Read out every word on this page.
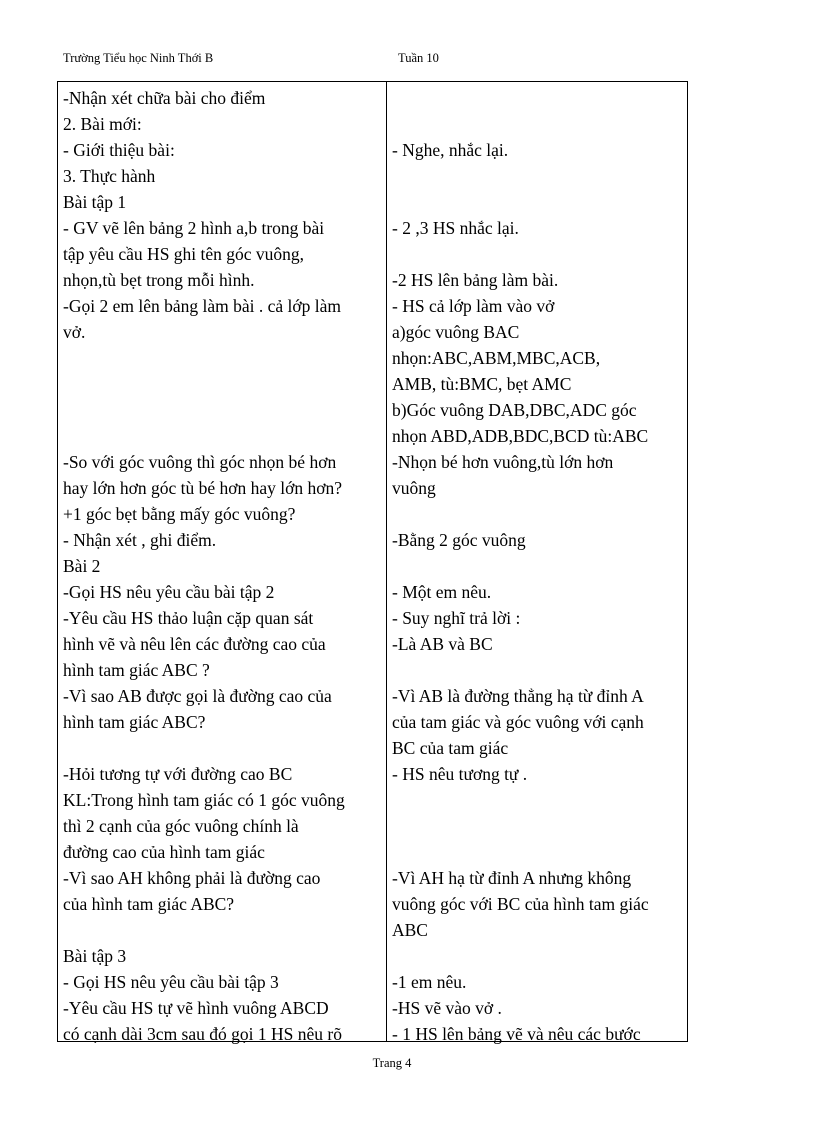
Trường Tiểu học Ninh Thới B	Tuần 10
-Nhận xét chữa bài cho điểm
2. Bài mới:
- Giới thiệu bài:
3. Thực hành
Bài tập 1
- GV vẽ lên bảng 2 hình a,b trong bài
tập yêu cầu HS ghi tên góc vuông,
nhọn,tù bẹt trong mỗi hình.
-Gọi 2 em lên bảng làm bài . cả lớp làm
vở.
-So với góc vuông thì góc nhọn bé hơn
hay lớn hơn góc tù bé hơn hay lớn hơn?
+1 góc bẹt bằng mấy góc vuông?
- Nhận xét , ghi điểm.
Bài 2
-Gọi HS nêu yêu cầu bài tập 2
-Yêu cầu HS thảo luận cặp quan sát
hình vẽ và nêu lên các đường cao của
hình tam giác ABC ?
-Vì sao AB được gọi là đường cao của
hình tam giác ABC?
-Hỏi tương tự với đường cao BC
KL:Trong hình tam giác có 1 góc vuông
thì 2 cạnh của góc vuông chính là
đường cao của hình tam giác
-Vì sao AH không phải là đường cao
của hình tam giác ABC?
Bài tập 3
- Gọi HS nêu yêu cầu bài tập 3
-Yêu cầu HS tự vẽ hình vuông ABCD
có cạnh dài 3cm sau đó gọi 1 HS nêu rõ
- Nghe, nhắc lại.
- 2 ,3 HS nhắc lại.
-2 HS lên bảng làm bài.
- HS cả lớp làm vào vở
a)góc vuông BAC
nhọn:ABC,ABM,MBC,ACB,
AMB, tù:BMC, bẹt AMC
b)Góc vuông DAB,DBC,ADC góc
nhọn ABD,ADB,BDC,BCD tù:ABC
-Nhọn bé hơn vuông,tù lớn hơn
vuông
-Bằng 2 góc vuông
- Một em nêu.
- Suy nghĩ trả lời :
-Là AB và BC
-Vì AB là đường thẳng hạ từ đỉnh A
của tam giác và góc vuông với cạnh
BC của tam giác
- HS nêu tương tự .
-Vì AH hạ từ đỉnh A nhưng không
vuông góc với BC của hình tam giác
ABC
-1 em nêu.
-HS vẽ vào vở .
- 1 HS lên bảng vẽ và nêu các bước
Trang 4
